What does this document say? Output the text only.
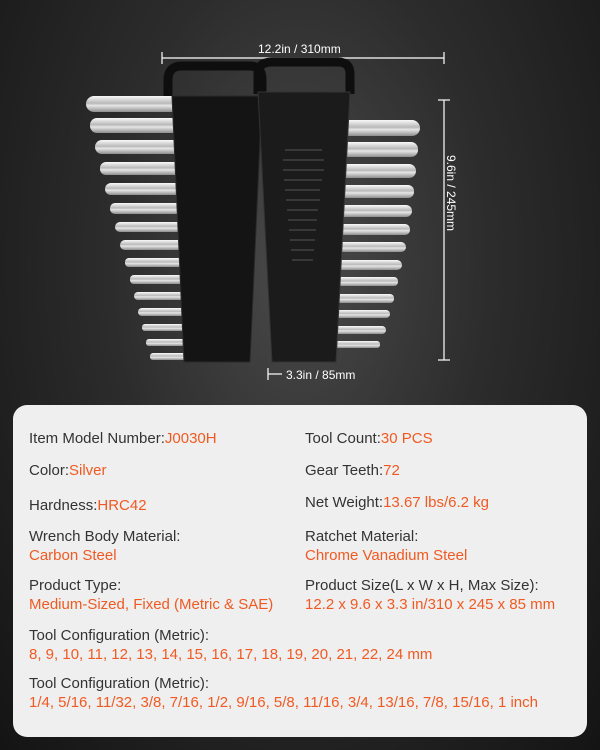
12.2in / 310mm
9.6in / 245mm
3.3in / 85mm
Item Model Number:J0030H	Tool Count:30 PCS
Color:Silver	Gear Teeth:72
Hardness:HRC42	Net Weight:13.67 lbs/6.2 kg
Wrench Body Material:
Carbon Steel
Ratchet Material:
Chrome Vanadium Steel
Product Type:
Medium-Sized, Fixed (Metric & SAE)
Product Size(L x W x H, Max Size):
12.2 x 9.6 x 3.3 in/310 x 245 x 85 mm
Tool Configuration (Metric):
8, 9, 10, 11, 12, 13, 14, 15, 16, 17, 18, 19, 20, 21, 22, 24 mm
Tool Configuration (Metric):
1/4, 5/16, 11/32, 3/8, 7/16, 1/2, 9/16, 5/8, 11/16, 3/4, 13/16, 7/8, 15/16, 1 inch
